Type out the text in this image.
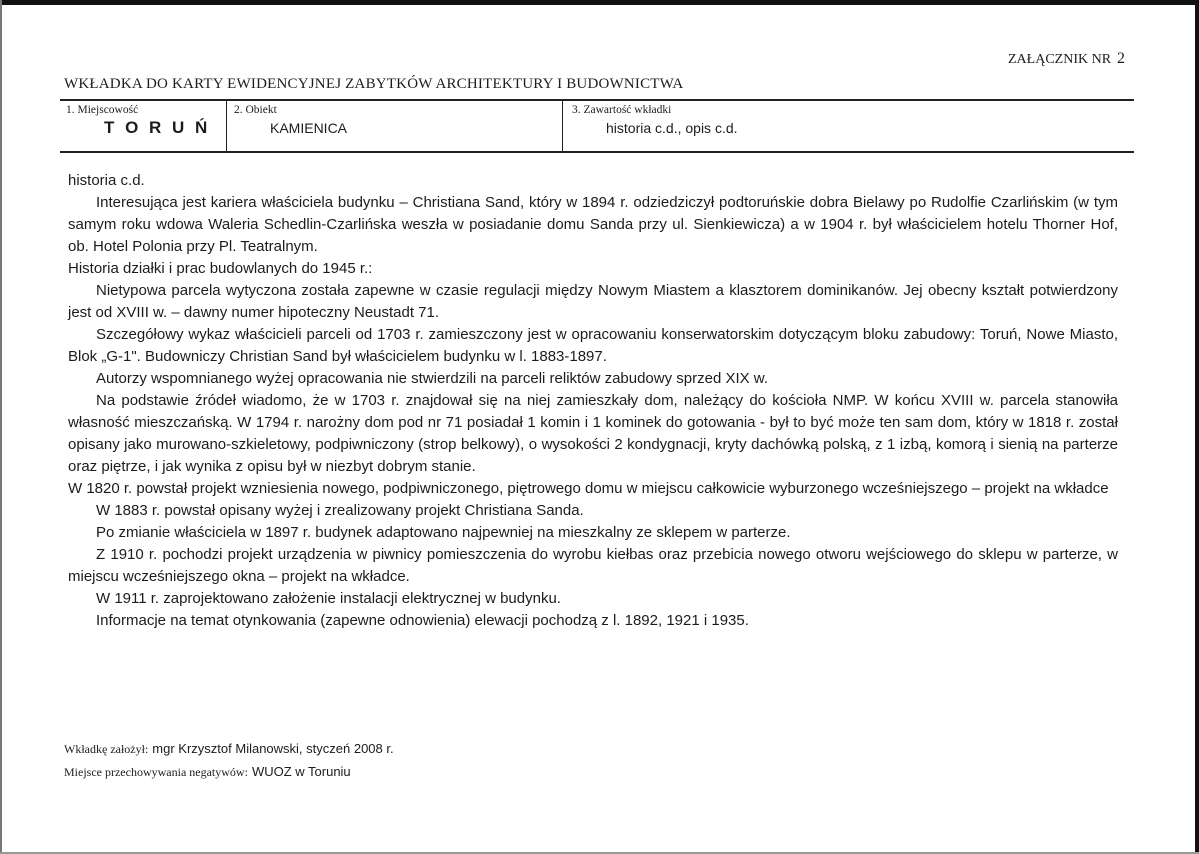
ZAŁĄCZNIK NR 2
WKŁADKA DO KARTY EWIDENCYJNEJ ZABYTKÓW ARCHITEKTURY I BUDOWNICTWA
1. Miejscowość
T O R U Ń
2. Obiekt
KAMIENICA
3. Zawartość wkładki
historia c.d., opis c.d.

historia c.d.

Interesująca jest kariera właściciela budynku – Christiana Sand, który w 1894 r. odziedziczył podtoruńskie dobra Bielawy po Rudolfie Czarlińskim (w tym samym roku wdowa Waleria Schedlin-Czarlińska weszła w posiadanie domu Sanda przy ul. Sienkiewicza) a w 1904 r. był właścicielem hotelu Thorner Hof, ob. Hotel Polonia przy Pl. Teatralnym.

Historia działki i prac budowlanych do 1945 r.:

Nietypowa parcela wytyczona została zapewne w czasie regulacji między Nowym Miastem a klasztorem dominikanów. Jej obecny kształt potwierdzony jest od XVIII w. – dawny numer hipoteczny Neustadt 71.

Szczegółowy wykaz właścicieli parceli od 1703 r. zamieszczony jest w opracowaniu konserwatorskim dotyczącym bloku zabudowy: Toruń, Nowe Miasto, Blok „G-1". Budowniczy Christian Sand był właścicielem budynku w l. 1883-1897.

Autorzy wspomnianego wyżej opracowania nie stwierdzili na parceli reliktów zabudowy sprzed XIX w.

Na podstawie źródeł wiadomo, że w 1703 r. znajdował się na niej zamieszkały dom, należący do kościoła NMP. W końcu XVIII w. parcela stanowiła własność mieszczańską. W 1794 r. narożny dom pod nr 71 posiadał 1 komin i 1 kominek do gotowania - był to być może ten sam dom, który w 1818 r. został opisany jako murowano-szkieletowy, podpiwniczony (strop belkowy), o wysokości 2 kondygnacji, kryty dachówką polską, z 1 izbą, komorą i sienią na parterze oraz piętrze, i jak wynika z opisu był w niezbyt dobrym stanie.

W 1820 r. powstał projekt wzniesienia nowego, podpiwniczonego, piętrowego domu w miejscu całkowicie wyburzonego wcześniejszego – projekt na wkładce

W 1883 r. powstał opisany wyżej i zrealizowany projekt Christiana Sanda.

Po zmianie właściciela w 1897 r. budynek adaptowano najpewniej na mieszkalny ze sklepem w parterze.

Z 1910 r. pochodzi projekt urządzenia w piwnicy pomieszczenia do wyrobu kiełbas oraz przebicia nowego otworu wejściowego do sklepu w parterze, w miejscu wcześniejszego okna – projekt na wkładce.

W 1911 r. zaprojektowano założenie instalacji elektrycznej w budynku.

Informacje na temat otynkowania (zapewne odnowienia) elewacji pochodzą z l. 1892, 1921 i 1935.

Wkładkę założył: mgr Krzysztof Milanowski, styczeń 2008 r.
Miejsce przechowywania negatywów: WUOZ w Toruniu
